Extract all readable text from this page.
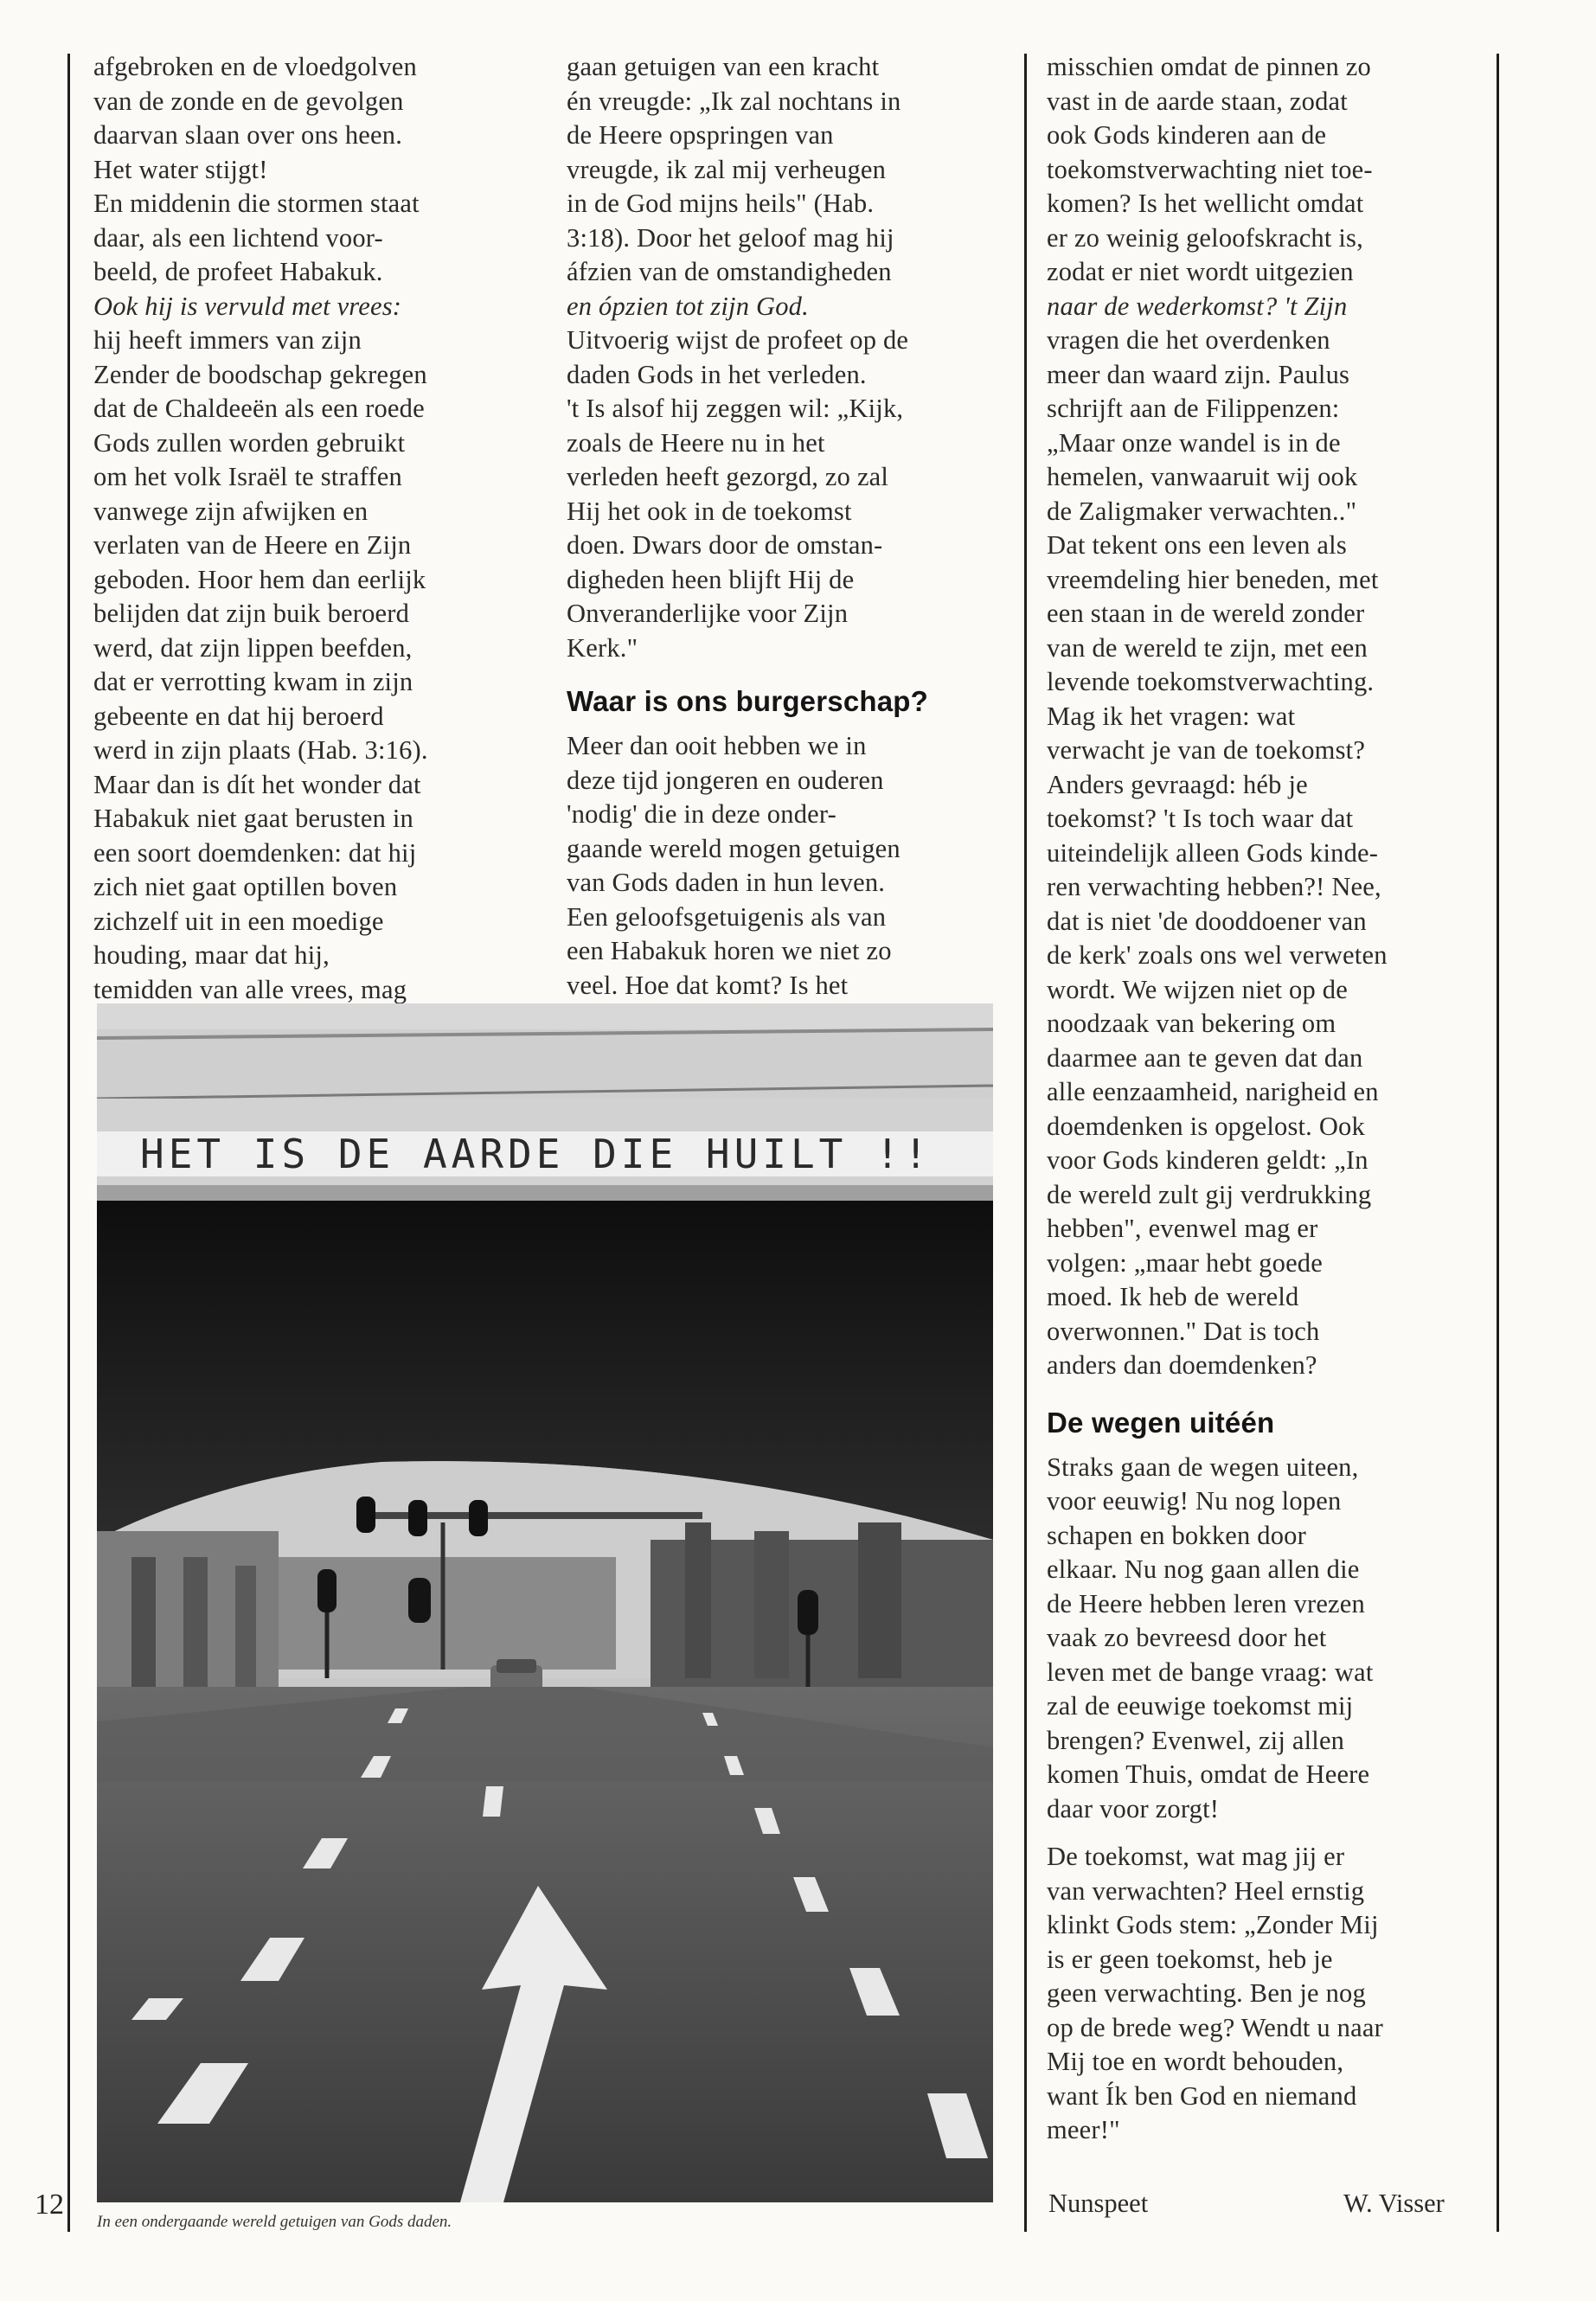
afgebroken en de vloedgolven
van de zonde en de gevolgen
daarvan slaan over ons heen.
Het water stijgt!
En middenin die stormen staat
daar, als een lichtend voor-
beeld, de profeet Habakuk.
Ook hij is vervuld met vrees:
hij heeft immers van zijn
Zender de boodschap gekregen
dat de Chaldeeën als een roede
Gods zullen worden gebruikt
om het volk Israël te straffen
vanwege zijn afwijken en
verlaten van de Heere en Zijn
geboden. Hoor hem dan eerlijk
belijden dat zijn buik beroerd
werd, dat zijn lippen beefden,
dat er verrotting kwam in zijn
gebeente en dat hij beroerd
werd in zijn plaats (Hab. 3:16).
Maar dan is dít het wonder dat
Habakuk niet gaat berusten in
een soort doemdenken: dat hij
zich niet gaat optillen boven
zichzelf uit in een moedige
houding, maar dat hij,
temidden van alle vrees, mag
gaan getuigen van een kracht
én vreugde: „Ik zal nochtans in
de Heere opspringen van
vreugde, ik zal mij verheugen
in de God mijns heils" (Hab.
3:18). Door het geloof mag hij
áfzien van de omstandigheden
en ópzien tot zijn God.
Uitvoerig wijst de profeet op de
daden Gods in het verleden.
't Is alsof hij zeggen wil: „Kijk,
zoals de Heere nu in het
verleden heeft gezorgd, zo zal
Hij het ook in de toekomst
doen. Dwars door de omstan-
digheden heen blijft Hij de
Onveranderlijke voor Zijn
Kerk."

Waar is ons burgerschap?

Meer dan ooit hebben we in
deze tijd jongeren en ouderen
'nodig' die in deze onder-
gaande wereld mogen getuigen
van Gods daden in hun leven.
Een geloofsgetuigenis als van
een Habakuk horen we niet zo
veel. Hoe dat komt? Is het
misschien omdat de pinnen zo
vast in de aarde staan, zodat
ook Gods kinderen aan de
toekomstverwachting niet toe-
komen? Is het wellicht omdat
er zo weinig geloofskracht is,
zodat er niet wordt uitgezien
naar de wederkomst? 't Zijn
vragen die het overdenken
meer dan waard zijn. Paulus
schrijft aan de Filippenzen:
„Maar onze wandel is in de
hemelen, vanwaaruit wij ook
de Zaligmaker verwachten.."
Dat tekent ons een leven als
vreemdeling hier beneden, met
een staan in de wereld zonder
van de wereld te zijn, met een
levende toekomstverwachting.
Mag ik het vragen: wat
verwacht je van de toekomst?
Anders gevraagd: héb je
toekomst? 't Is toch waar dat
uiteindelijk alleen Gods kinde-
ren verwachting hebben?! Nee,
dat is niet 'de dooddoener van
de kerk' zoals ons wel verweten
wordt. We wijzen niet op de
noodzaak van bekering om
daarmee aan te geven dat dan
alle eenzaamheid, narigheid en
doemdenken is opgelost. Ook
voor Gods kinderen geldt: „In
de wereld zult gij verdrukking
hebben", evenwel mag er
volgen: „maar hebt goede
moed. Ik heb de wereld
overwonnen." Dat is toch
anders dan doemdenken?

De wegen uitéén

Straks gaan de wegen uiteen,
voor eeuwig! Nu nog lopen
schapen en bokken door
elkaar. Nu nog gaan allen die
de Heere hebben leren vrezen
vaak zo bevreesd door het
leven met de bange vraag: wat
zal de eeuwige toekomst mij
brengen? Evenwel, zij allen
komen Thuis, omdat de Heere
daar voor zorgt!
De toekomst, wat mag jij er
van verwachten? Heel ernstig
klinkt Gods stem: „Zonder Mij
is er geen toekomst, heb je
geen verwachting. Ben je nog
op de brede weg? Wendt u naar
Mij toe en wordt behouden,
want Ík ben God en niemand
meer!"
HET IS DE AARDE DIE HUILT !!
In een ondergaande wereld getuigen van Gods daden.
12	Nunspeet	W. Visser
